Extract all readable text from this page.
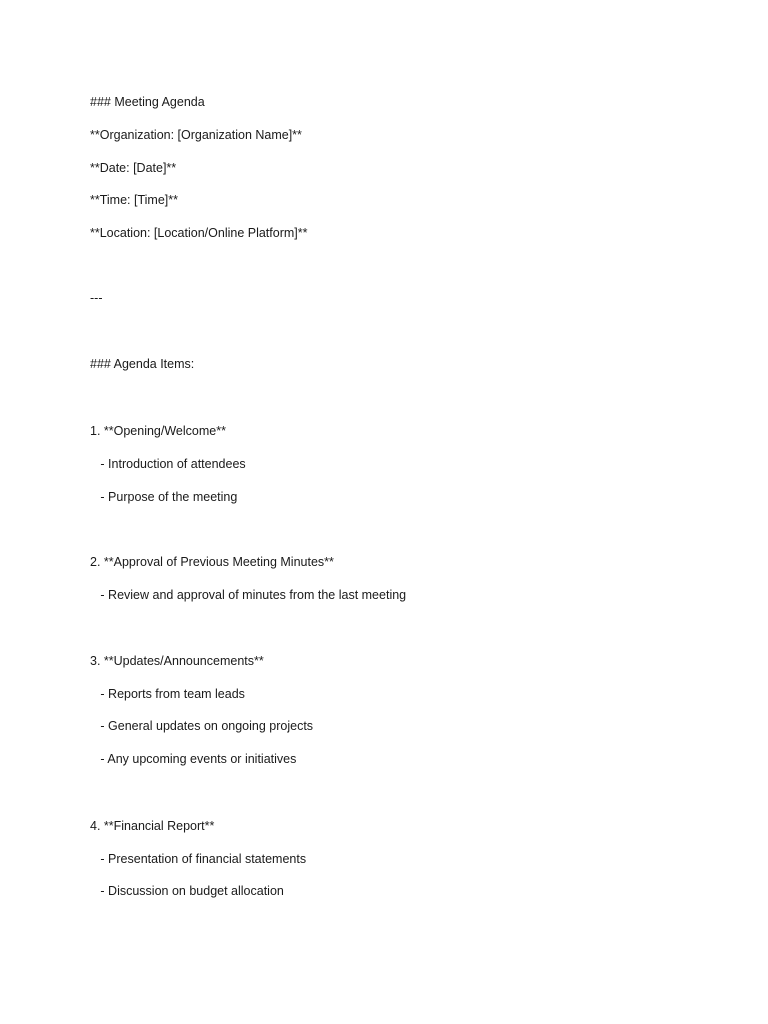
### Meeting Agenda
**Organization: [Organization Name]**
**Date: [Date]**
**Time: [Time]**
**Location: [Location/Online Platform]**
---
### Agenda Items:
1. **Opening/Welcome**
- Introduction of attendees
- Purpose of the meeting
2. **Approval of Previous Meeting Minutes**
- Review and approval of minutes from the last meeting
3. **Updates/Announcements**
- Reports from team leads
- General updates on ongoing projects
- Any upcoming events or initiatives
4. **Financial Report**
- Presentation of financial statements
- Discussion on budget allocation
